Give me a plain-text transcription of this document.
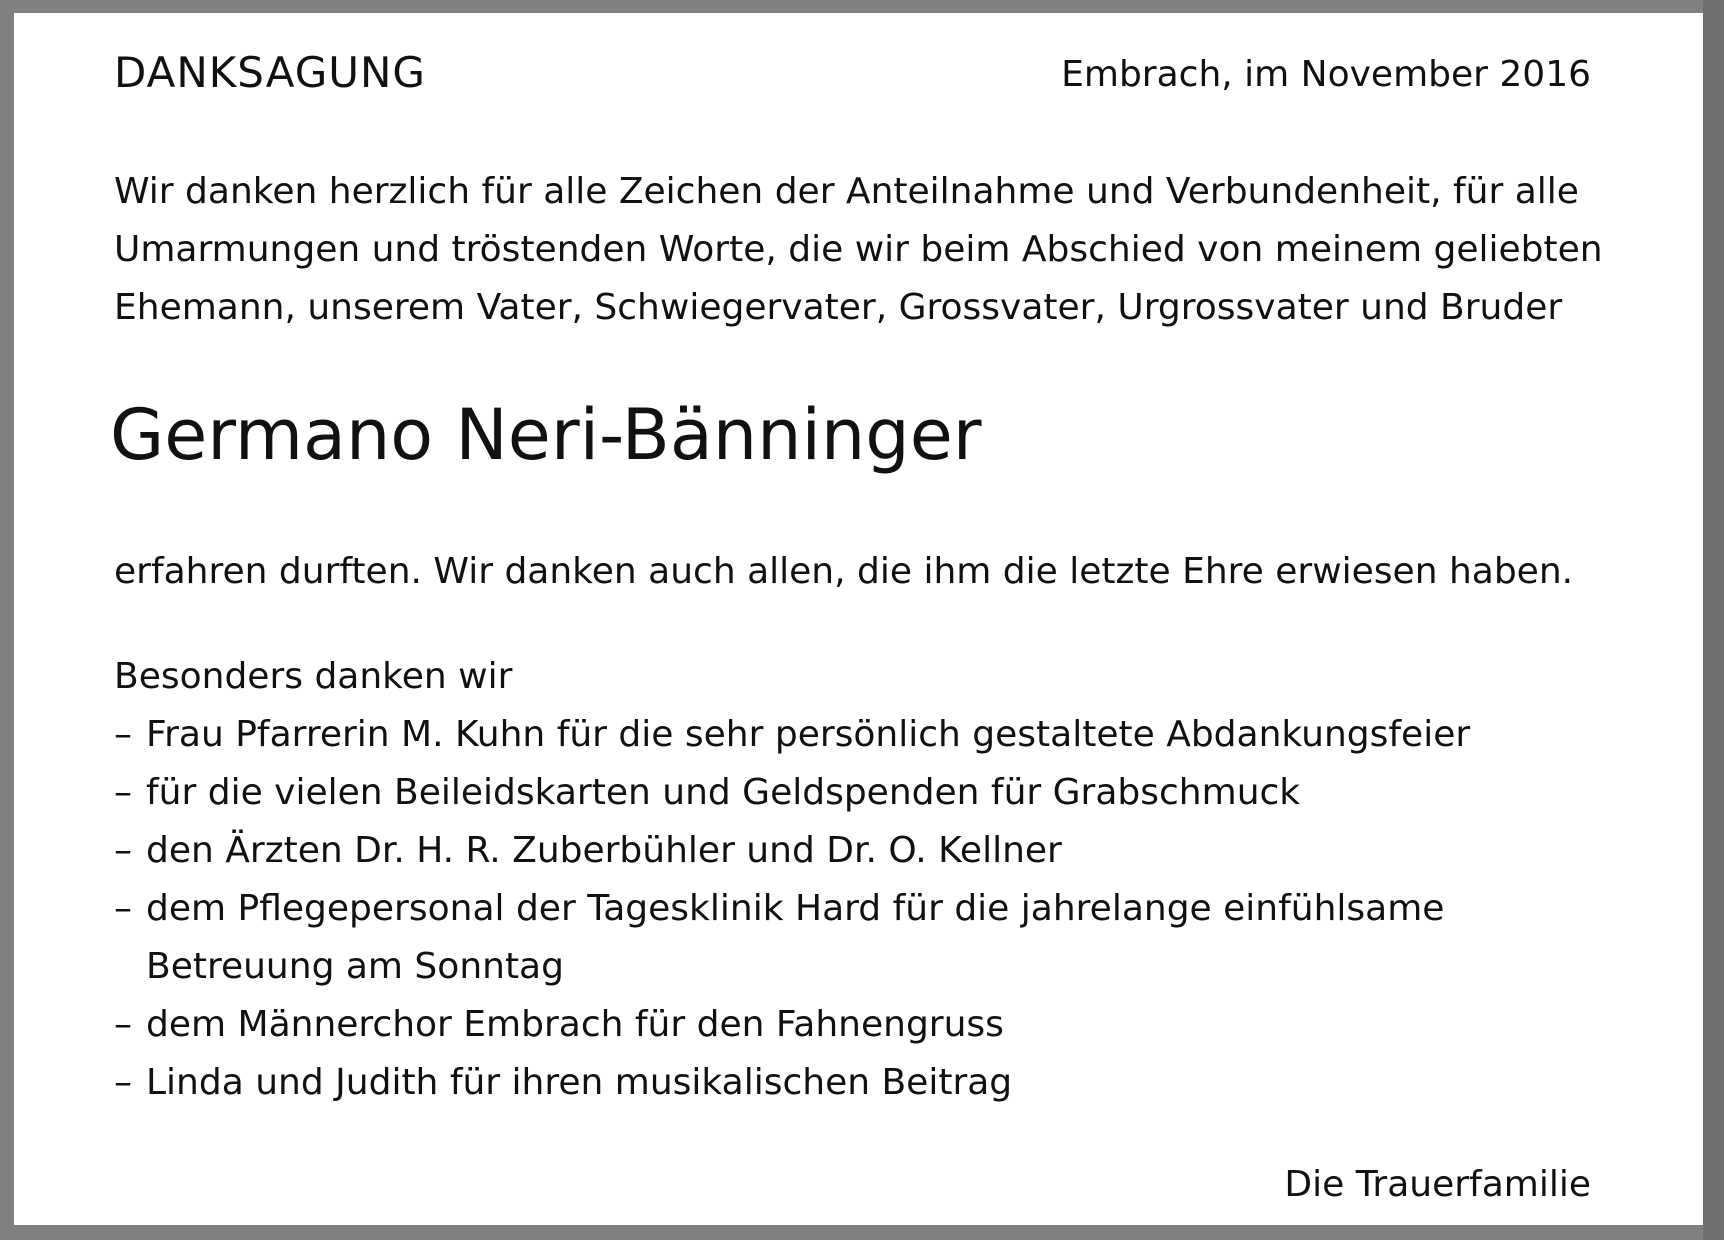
DANKSAGUNG	Embrach, im November 2016
Wir danken herzlich für alle Zeichen der Anteilnahme und Verbundenheit, für alle
Umarmungen und tröstenden Worte, die wir beim Abschied von meinem geliebten
Ehemann, unserem Vater, Schwiegervater, Grossvater, Urgrossvater und Bruder
Germano Neri-Bänninger
erfahren durften. Wir danken auch allen, die ihm die letzte Ehre erwiesen haben.
Besonders danken wir
– Frau Pfarrerin M. Kuhn für die sehr persönlich gestaltete Abdankungsfeier
– für die vielen Beileidskarten und Geldspenden für Grabschmuck
– den Ärzten Dr. H. R. Zuberbühler und Dr. O. Kellner
– dem Pflegepersonal der Tagesklinik Hard für die jahrelange einfühlsame
Betreuung am Sonntag
– dem Männerchor Embrach für den Fahnengruss
– Linda und Judith für ihren musikalischen Beitrag
Die Trauerfamilie
